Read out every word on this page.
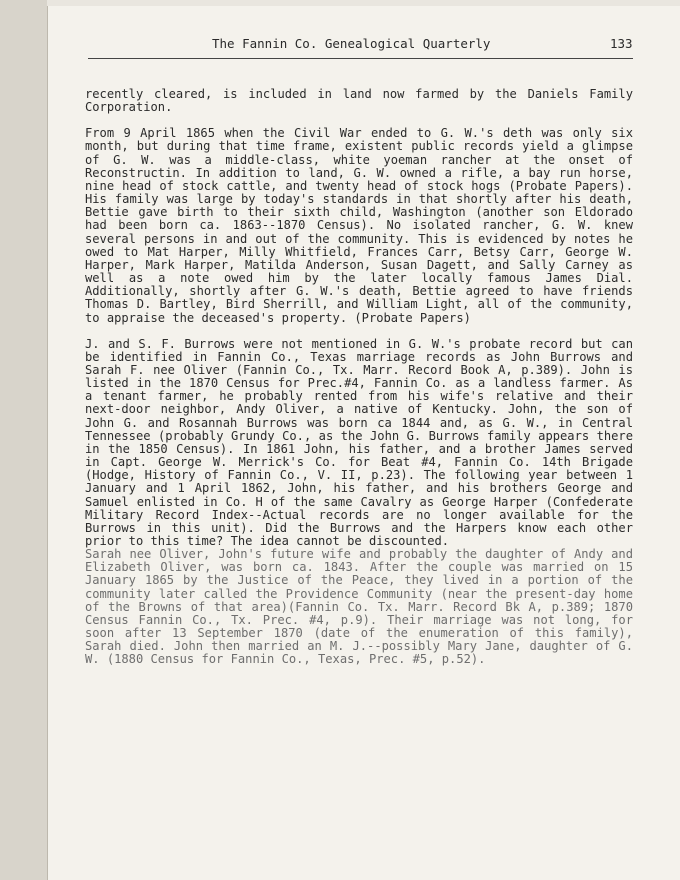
The Fannin Co. Genealogical Quarterly	133

recently cleared, is included in land now farmed by the Daniels Family Corporation.

From 9 April 1865 when the Civil War ended to G. W.'s deth was only six month, but during that time frame, existent public records yield a glimpse of G. W. was a middle-class, white yoeman rancher at the onset of Reconstructin. In addition to land, G. W. owned a rifle, a bay run horse, nine head of stock cattle, and twenty head of stock hogs (Probate Papers). His family was large by today's standards in that shortly after his death, Bettie gave birth to their sixth child, Washington (another son Eldorado had been born ca. 1863--1870 Census). No isolated rancher, G. W. knew several persons in and out of the community. This is evidenced by notes he owed to Mat Harper, Milly Whitfield, Frances Carr, Betsy Carr, George W. Harper, Mark Harper, Matilda Anderson, Susan Dagett, and Sally Carney as well as a note owed him by the later locally famous James Dial. Additionally, shortly after G. W.'s death, Bettie agreed to have friends Thomas D. Bartley, Bird Sherrill, and William Light, all of the community, to appraise the deceased's property. (Probate Papers)

J. and S. F. Burrows were not mentioned in G. W.'s probate record but can be identified in Fannin Co., Texas marriage records as John Burrows and Sarah F. nee Oliver (Fannin Co., Tx. Marr. Record Book A, p.389). John is listed in the 1870 Census for Prec.#4, Fannin Co. as a landless farmer. As a tenant farmer, he probably rented from his wife's relative and their next-door neighbor, Andy Oliver, a native of Kentucky. John, the son of John G. and Rosannah Burrows was born ca 1844 and, as G. W., in Central Tennessee (probably Grundy Co., as the John G. Burrows family appears there in the 1850 Census). In 1861 John, his father, and a brother James served in Capt. George W. Merrick's Co. for Beat #4, Fannin Co. 14th Brigade (Hodge, History of Fannin Co., V. II, p.23). The following year between 1 January and 1 April 1862, John, his father, and his brothers George and Samuel enlisted in Co. H of the same Cavalry as George Harper (Confederate Military Record Index--Actual records are no longer available for the Burrows in this unit). Did the Burrows and the Harpers know each other prior to this time? The idea cannot be discounted.

Sarah nee Oliver, John's future wife and probably the daughter of Andy and Elizabeth Oliver, was born ca. 1843. After the couple was married on 15 January 1865 by the Justice of the Peace, they lived in a portion of the community later called the Providence Community (near the present-day home of the Browns of that area)(Fannin Co. Tx. Marr. Record Bk A, p.389; 1870 Census Fannin Co., Tx. Prec. #4, p.9). Their marriage was not long, for soon after 13 September 1870 (date of the enumeration of this family), Sarah died. John then married an M. J.--possibly Mary Jane, daughter of G. W. (1880 Census for Fannin Co., Texas, Prec. #5, p.52).
